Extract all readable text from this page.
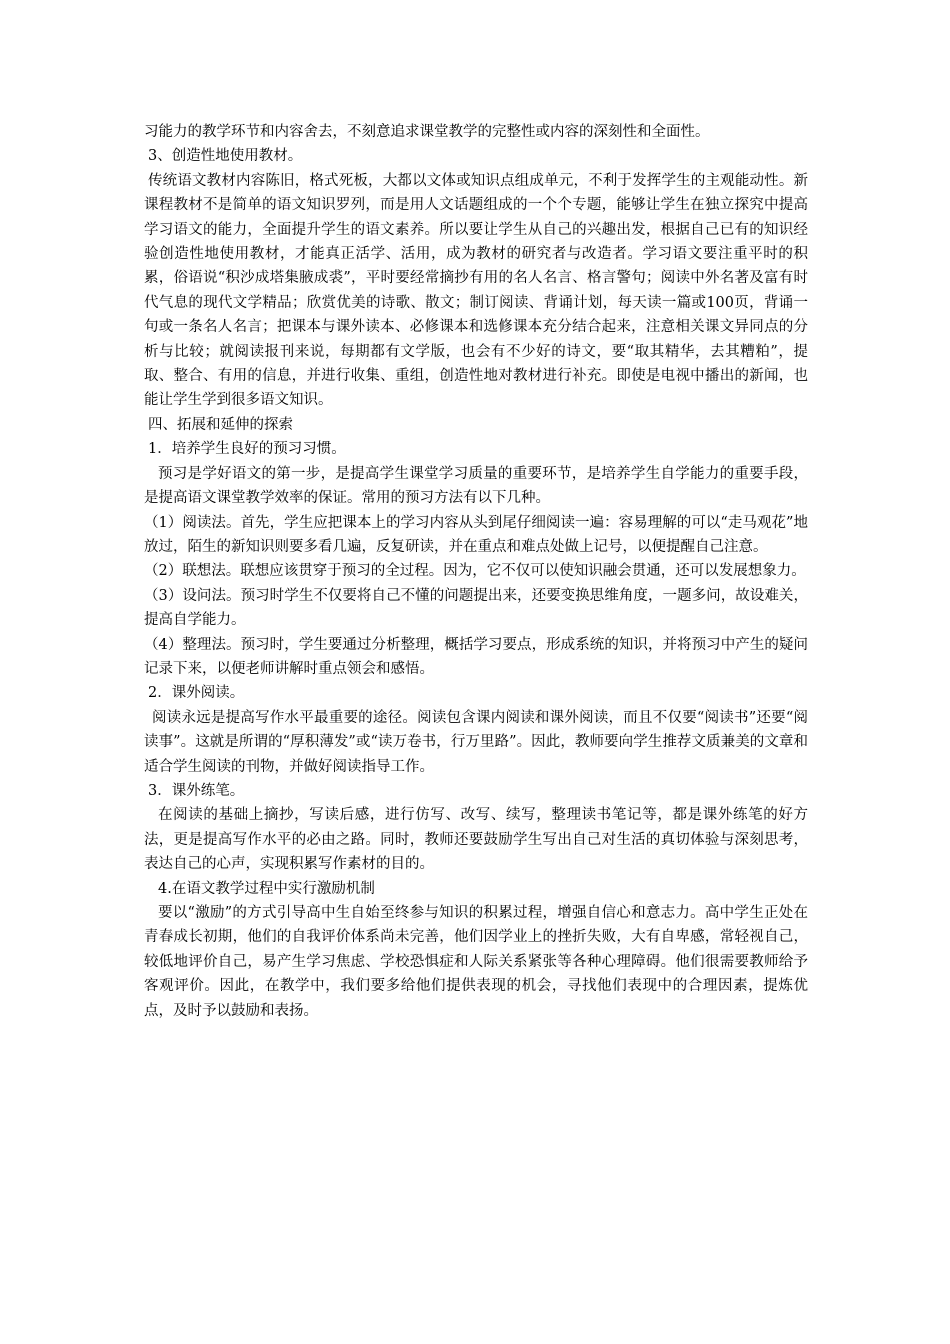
习能力的教学环节和内容舍去，不刻意追求课堂教学的完整性或内容的深刻性和全面性。

3、创造性地使用教材。

传统语文教材内容陈旧，格式死板，大都以文体或知识点组成单元，不利于发挥学生的主观能动性。新课程教材不是简单的语文知识罗列，而是用人文话题组成的一个个专题，能够让学生在独立探究中提高学习语文的能力，全面提升学生的语文素养。所以要让学生从自己的兴趣出发，根据自己已有的知识经验创造性地使用教材，才能真正活学、活用，成为教材的研究者与改造者。学习语文要注重平时的积累，俗语说“积沙成塔集腋成裘”，平时要经常摘抄有用的名人名言、格言警句；阅读中外名著及富有时代气息的现代文学精品；欣赏优美的诗歌、散文；制订阅读、背诵计划，每天读一篇或100页，背诵一句或一条名人名言；把课本与课外读本、必修课本和选修课本充分结合起来，注意相关课文异同点的分析与比较；就阅读报刊来说，每期都有文学版，也会有不少好的诗文，要“取其精华，去其糟粕”，提取、整合、有用的信息，并进行收集、重组，创造性地对教材进行补充。即使是电视中播出的新闻，也能让学生学到很多语文知识。

四、拓展和延伸的探索

1．培养学生良好的预习习惯。

预习是学好语文的第一步，是提高学生课堂学习质量的重要环节，是培养学生自学能力的重要手段，是提高语文课堂教学效率的保证。常用的预习方法有以下几种。

（1）阅读法。首先，学生应把课本上的学习内容从头到尾仔细阅读一遍：容易理解的可以“走马观花”地放过，陌生的新知识则要多看几遍，反复研读，并在重点和难点处做上记号，以便提醒自己注意。

（2）联想法。联想应该贯穿于预习的全过程。因为，它不仅可以使知识融会贯通，还可以发展想象力。

（3）设问法。预习时学生不仅要将自己不懂的问题提出来，还要变换思维角度，一题多问，故设难关，提高自学能力。

（4）整理法。预习时，学生要通过分析整理，概括学习要点，形成系统的知识，并将预习中产生的疑问记录下来，以便老师讲解时重点领会和感悟。

2．课外阅读。

阅读永远是提高写作水平最重要的途径。阅读包含课内阅读和课外阅读，而且不仅要“阅读书”还要“阅读事”。这就是所谓的“厚积薄发”或“读万卷书，行万里路”。因此，教师要向学生推荐文质兼美的文章和适合学生阅读的刊物，并做好阅读指导工作。

3．课外练笔。

在阅读的基础上摘抄，写读后感，进行仿写、改写、续写，整理读书笔记等，都是课外练笔的好方法，更是提高写作水平的必由之路。同时，教师还要鼓励学生写出自己对生活的真切体验与深刻思考，表达自己的心声，实现积累写作素材的目的。

4.在语文教学过程中实行激励机制

要以“激励”的方式引导高中生自始至终参与知识的积累过程，增强自信心和意志力。高中学生正处在青春成长初期，他们的自我评价体系尚未完善，他们因学业上的挫折失败，大有自卑感，常轻视自己，较低地评价自己，易产生学习焦虑、学校恐惧症和人际关系紧张等各种心理障碍。他们很需要教师给予客观评价。因此，在教学中，我们要多给他们提供表现的机会，寻找他们表现中的合理因素，提炼优点，及时予以鼓励和表扬。
